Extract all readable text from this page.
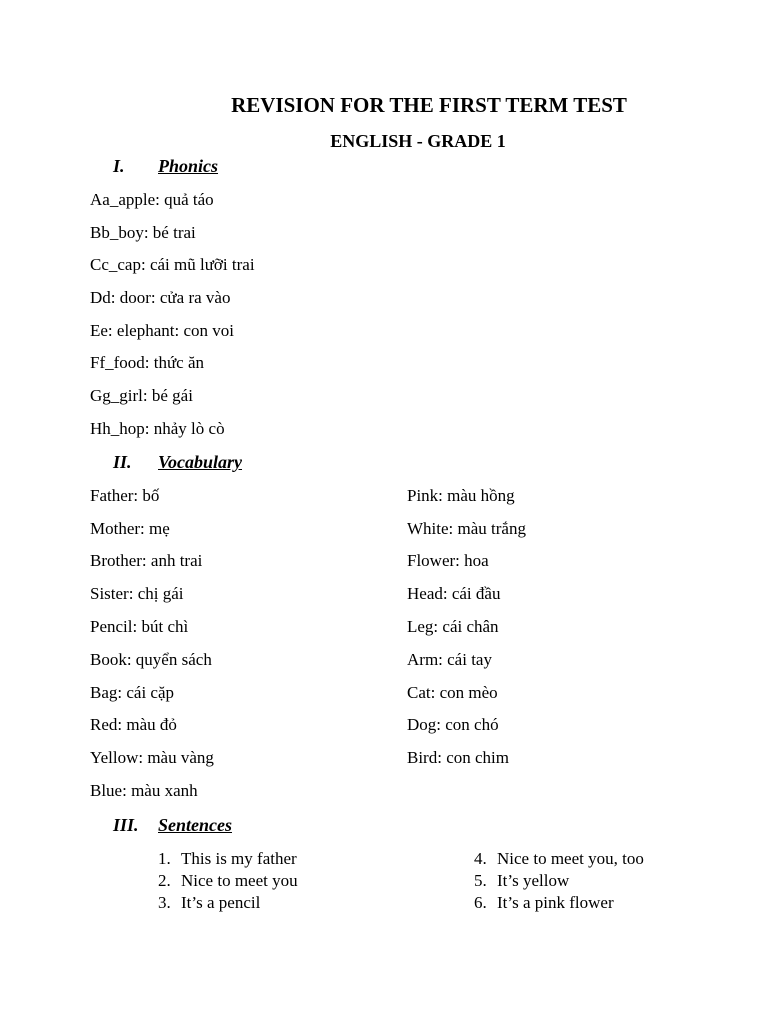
REVISION FOR THE FIRST TERM TEST
ENGLISH - GRADE 1
I. Phonics
Aa_apple: quả táo
Bb_boy: bé trai
Cc_cap: cái mũ lưỡi trai
Dd: door: cửa ra vào
Ee: elephant: con voi
Ff_food: thức ăn
Gg_girl: bé gái
Hh_hop: nhảy lò cò
II. Vocabulary
Father: bố
Mother: mẹ
Brother: anh trai
Sister: chị gái
Pencil: bút chì
Book: quyển sách
Bag: cái cặp
Red: màu đỏ
Yellow: màu vàng
Blue: màu xanh
Pink: màu hồng
White: màu trắng
Flower: hoa
Head: cái đầu
Leg: cái chân
Arm: cái tay
Cat: con mèo
Dog: con chó
Bird: con chim
III. Sentences
1. This is my father
2. Nice to meet you
3. It’s a pencil
4. Nice to meet you, too
5. It’s yellow
6. It’s a pink flower
